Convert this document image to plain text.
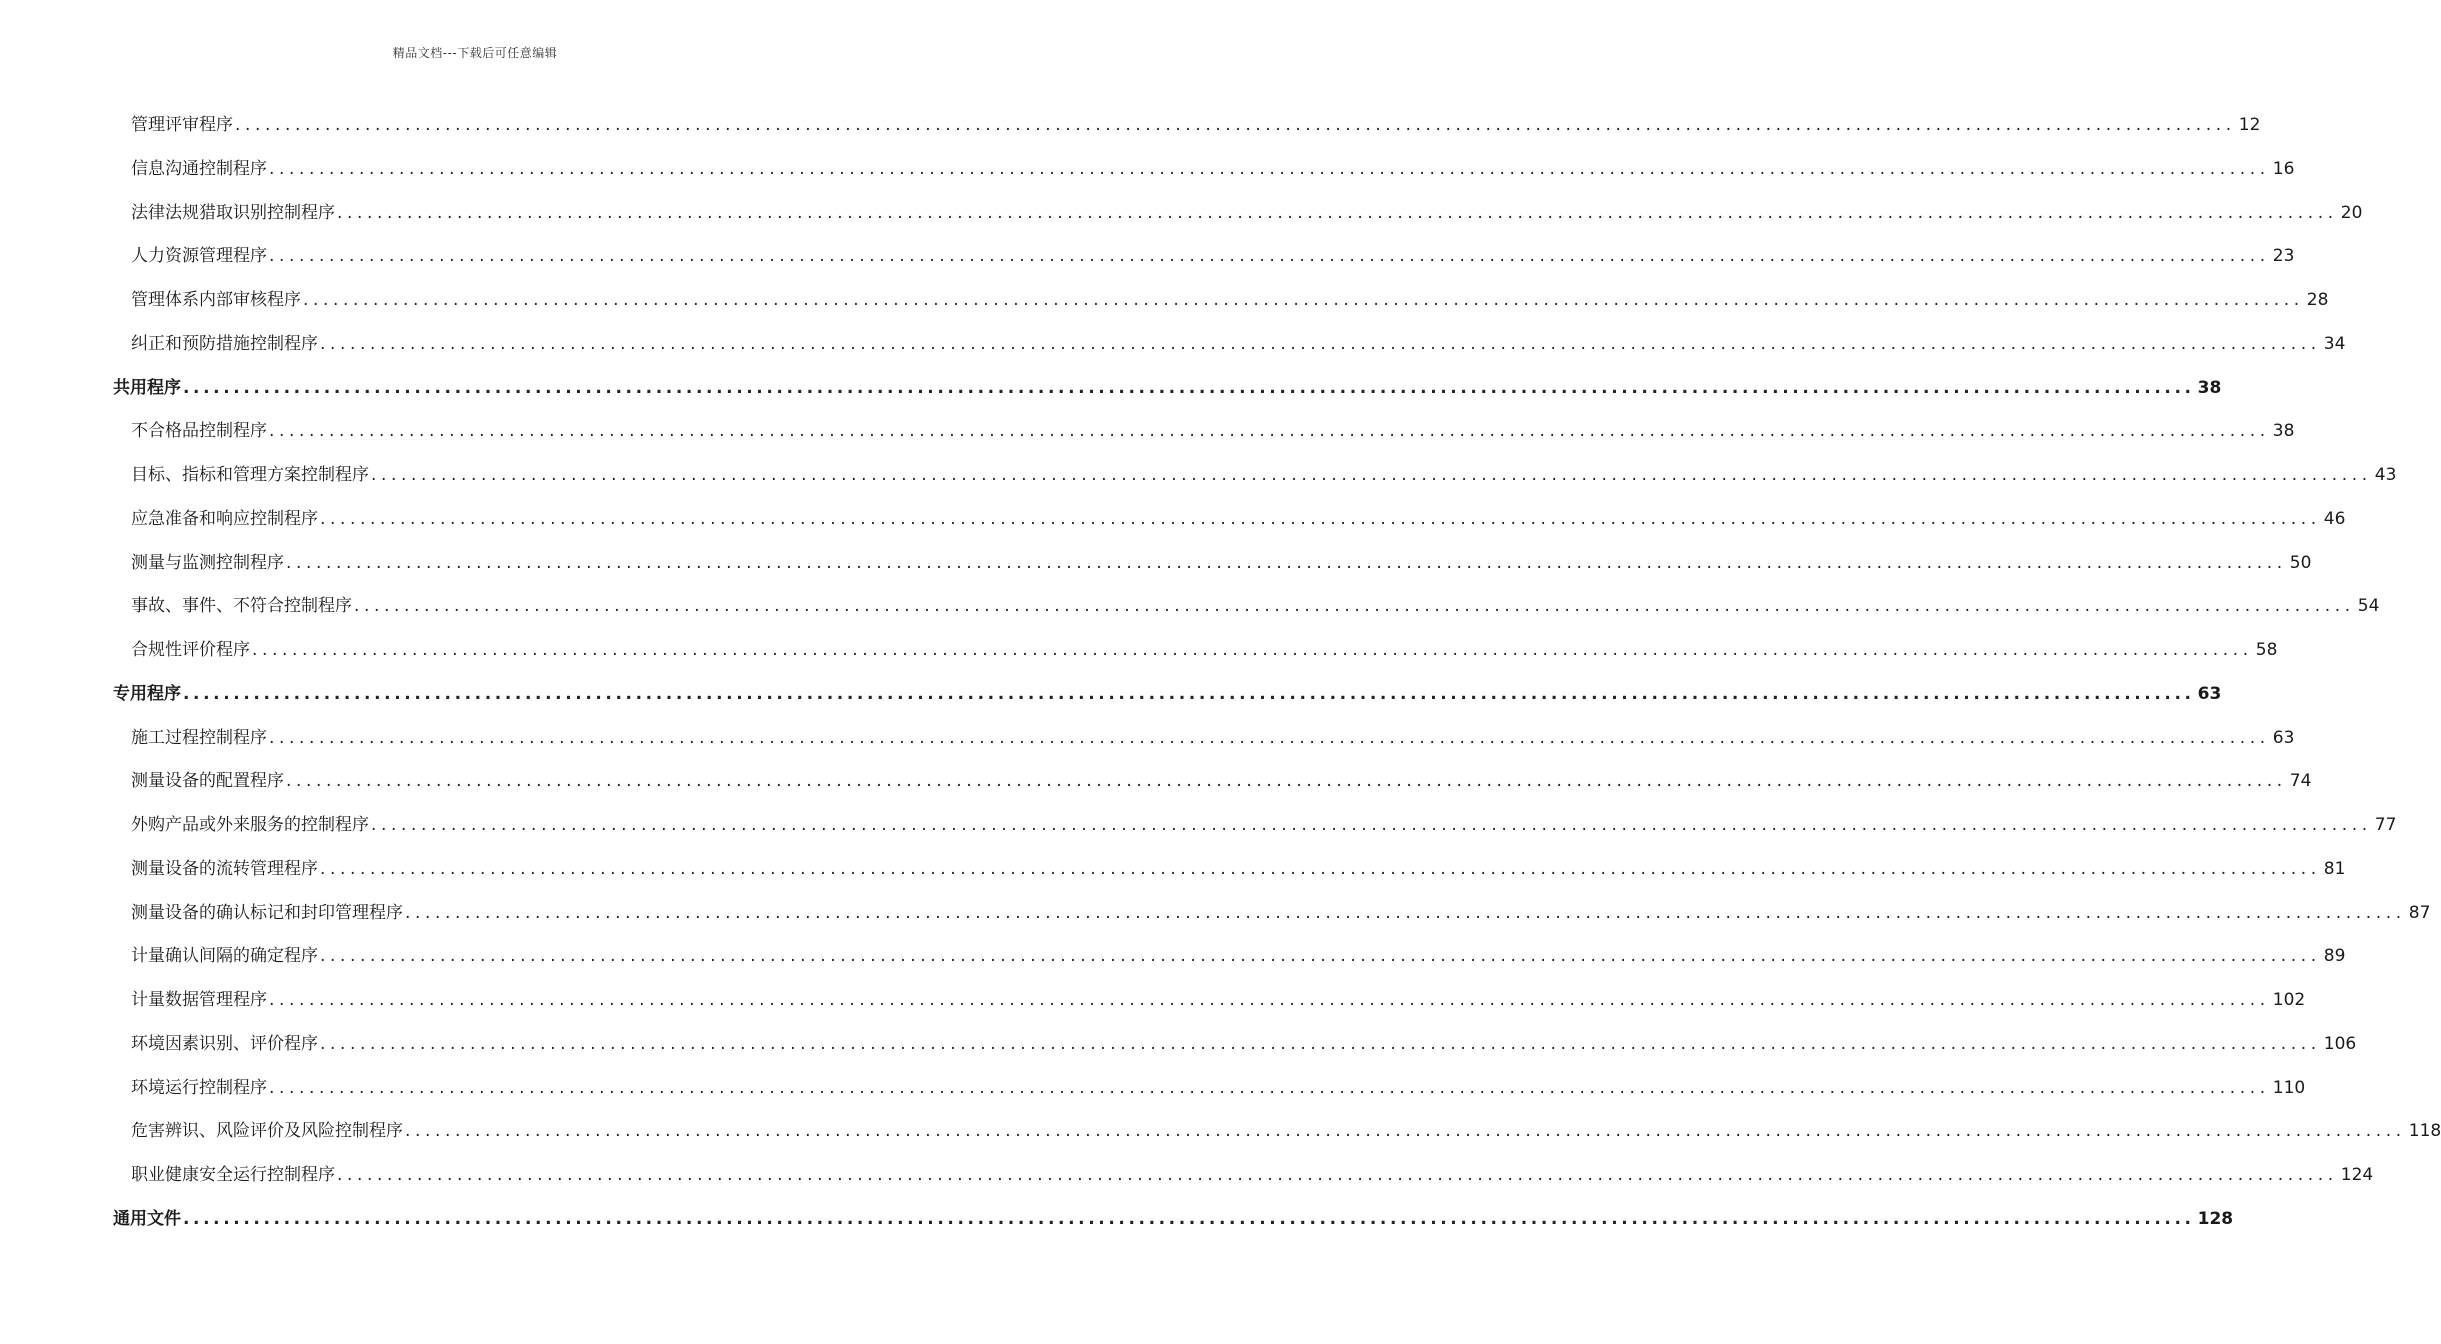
精品文档---下载后可任意编辑
管理评审程序 ........................................................................................................................................................................................................ 12
信息沟通控制程序 ........................................................................................................................................................................................................ 16
法律法规猎取识别控制程序 ........................................................................................................................................................................................................ 20
人力资源管理程序 ........................................................................................................................................................................................................ 23
管理体系内部审核程序 ........................................................................................................................................................................................................ 28
纠正和预防措施控制程序 ........................................................................................................................................................................................................ 34
共用程序 ........................................................................................................................................................................................................ 38
不合格品控制程序 ........................................................................................................................................................................................................ 38
目标、指标和管理方案控制程序 ........................................................................................................................................................................................................ 43
应急准备和响应控制程序 ........................................................................................................................................................................................................ 46
测量与监测控制程序 ........................................................................................................................................................................................................ 50
事故、事件、不符合控制程序 ........................................................................................................................................................................................................ 54
合规性评价程序 ........................................................................................................................................................................................................ 58
专用程序 ........................................................................................................................................................................................................ 63
施工过程控制程序 ........................................................................................................................................................................................................ 63
测量设备的配置程序 ........................................................................................................................................................................................................ 74
外购产品或外来服务的控制程序 ........................................................................................................................................................................................................ 77
测量设备的流转管理程序 ........................................................................................................................................................................................................ 81
测量设备的确认标记和封印管理程序 ........................................................................................................................................................................................................ 87
计量确认间隔的确定程序 ........................................................................................................................................................................................................ 89
计量数据管理程序 ........................................................................................................................................................................................................ 102
环境因素识别、评价程序 ........................................................................................................................................................................................................ 106
环境运行控制程序 ........................................................................................................................................................................................................ 110
危害辨识、风险评价及风险控制程序 ........................................................................................................................................................................................................ 118
职业健康安全运行控制程序 ........................................................................................................................................................................................................ 124
通用文件 ........................................................................................................................................................................................................ 128
